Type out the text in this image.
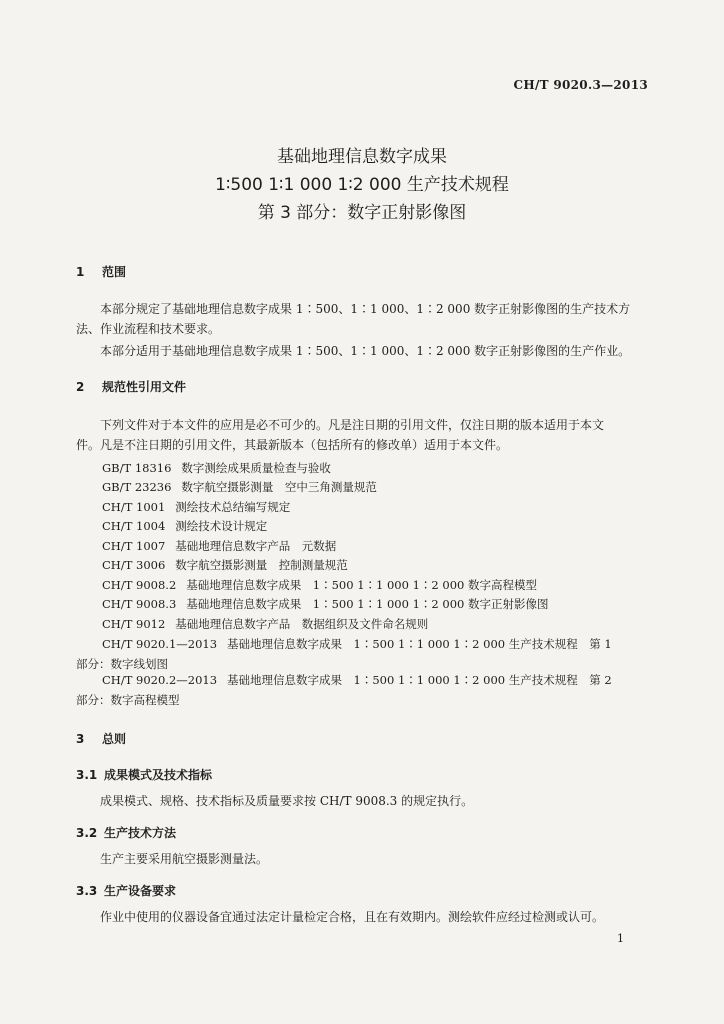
CH/T 9020.3—2013
基础地理信息数字成果
1∶500 1∶1 000 1∶2 000 生产技术规程
第 3 部分：数字正射影像图
1 范围
本部分规定了基础地理信息数字成果 1∶500、1∶1 000、1∶2 000 数字正射影像图的生产技术方
法、作业流程和技术要求。
本部分适用于基础地理信息数字成果 1∶500、1∶1 000、1∶2 000 数字正射影像图的生产作业。
2 规范性引用文件
下列文件对于本文件的应用是必不可少的。凡是注日期的引用文件，仅注日期的版本适用于本文
件。凡是不注日期的引用文件，其最新版本（包括所有的修改单）适用于本文件。
GB/T 18316 数字测绘成果质量检查与验收
GB/T 23236 数字航空摄影测量　空中三角测量规范
CH/T 1001 测绘技术总结编写规定
CH/T 1004 测绘技术设计规定
CH/T 1007 基础地理信息数字产品　元数据
CH/T 3006 数字航空摄影测量　控制测量规范
CH/T 9008.2 基础地理信息数字成果　1∶500 1∶1 000 1∶2 000 数字高程模型
CH/T 9008.3 基础地理信息数字成果　1∶500 1∶1 000 1∶2 000 数字正射影像图
CH/T 9012 基础地理信息数字产品　数据组织及文件命名规则
CH/T 9020.1—2013 基础地理信息数字成果　1∶500 1∶1 000 1∶2 000 生产技术规程　第 1
部分：数字线划图
CH/T 9020.2—2013 基础地理信息数字成果　1∶500 1∶1 000 1∶2 000 生产技术规程　第 2
部分：数字高程模型
3 总则
3.1 成果模式及技术指标
成果模式、规格、技术指标及质量要求按 CH/T 9008.3 的规定执行。
3.2 生产技术方法
生产主要采用航空摄影测量法。
3.3 生产设备要求
作业中使用的仪器设备宜通过法定计量检定合格，且在有效期内。测绘软件应经过检测或认可。
1
